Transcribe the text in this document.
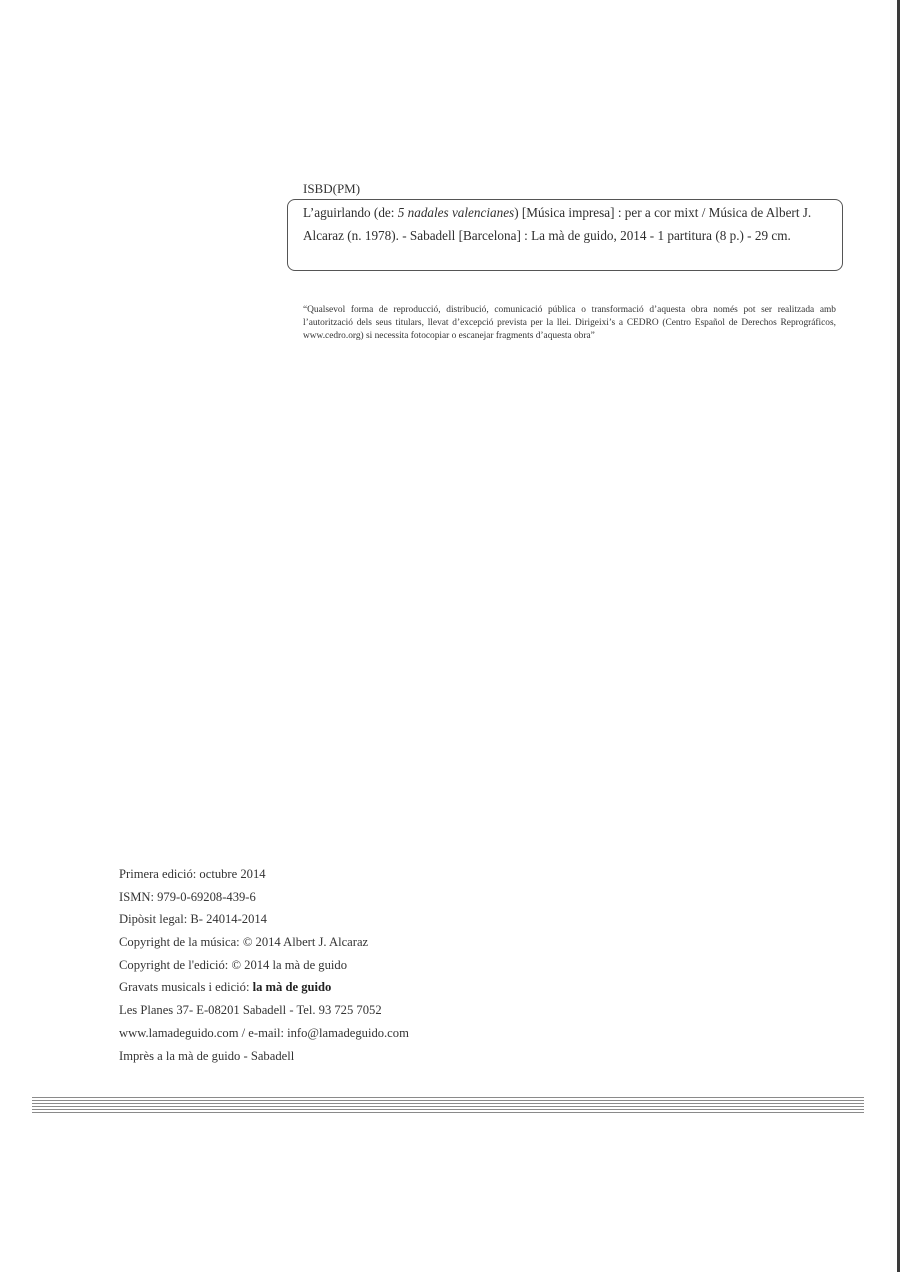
ISBD(PM)
L’aguirlando (de: 5 nadales valencianes) [Música impresa] : per a cor mixt / Música de Albert J. Alcaraz (n. 1978). - Sabadell [Barcelona] : La mà de guido, 2014 - 1 partitura (8 p.) - 29 cm.
“Qualsevol forma de reproducció, distribució, comunicació pública o transformació d’aquesta obra només pot ser realitzada amb l’autorització dels seus titulars, llevat d’excepció prevista per la llei. Dirigeixi’s a CEDRO (Centro Español de Derechos Reprográficos, www.cedro.org) si necessita fotocopiar o escanejar fragments d’aquesta obra”
Primera edició: octubre 2014
ISMN: 979-0-69208-439-6
Dipòsit legal: B- 24014-2014
Copyright de la música: © 2014 Albert J. Alcaraz
Copyright de l'edició: © 2014 la mà de guido
Gravats musicals i edició: la mà de guido
Les Planes 37- E-08201 Sabadell - Tel. 93 725 7052
www.lamadeguido.com / e-mail: info@lamadeguido.com
Imprès a la mà de guido - Sabadell
